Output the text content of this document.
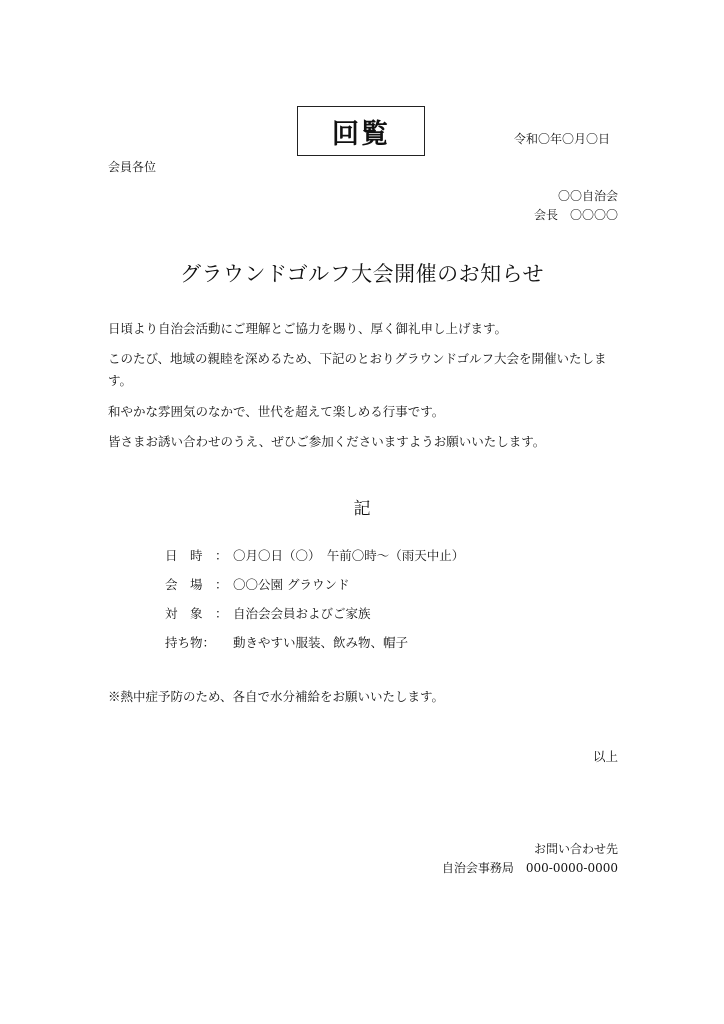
回覧	令和〇年〇月〇日
会員各位
〇〇自治会
会長　〇〇〇〇
グラウンドゴルフ大会開催のお知らせ
日頃より自治会活動にご理解とご協力を賜り、厚く御礼申し上げます。
このたび、地域の親睦を深めるため、下記のとおりグラウンドゴルフ大会を開催いたします。
和やかな雰囲気のなかで、世代を超えて楽しめる行事です。
皆さまお誘い合わせのうえ、ぜひご参加くださいますようお願いいたします。
記
日　時　： 〇月〇日（〇）　午前〇時～（雨天中止）
会　場　： 〇〇公園 グラウンド
対　象　： 自治会会員およびご家族
持ち物：	動きやすい服装、飲み物、帽子
※熱中症予防のため、各自で水分補給をお願いいたします。
以上
お問い合わせ先
自治会事務局　000-0000-0000
